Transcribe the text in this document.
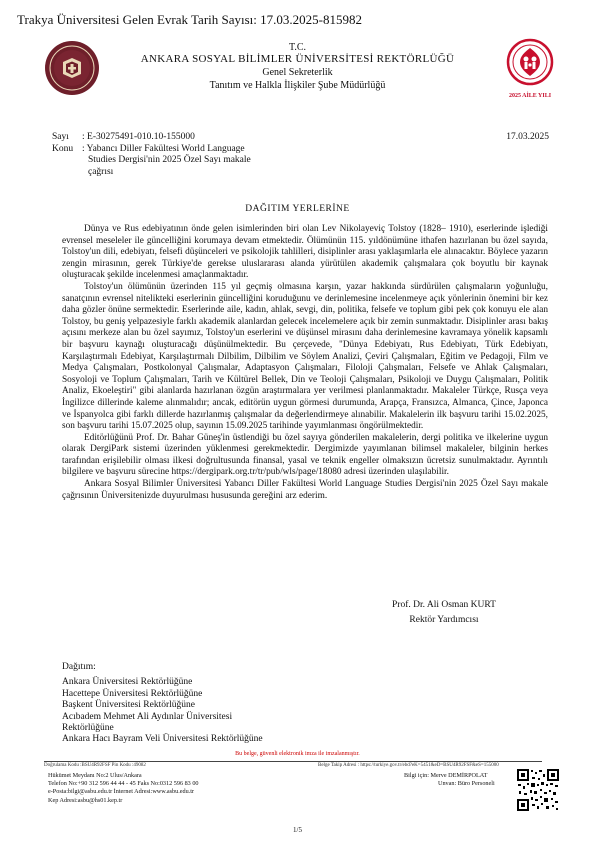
Trakya Üniversitesi Gelen Evrak Tarih Sayısı: 17.03.2025-815982
2025 AİLE YILI
T.C.
ANKARA SOSYAL BİLİMLER ÜNİVERSİTESİ REKTÖRLÜĞÜ
Genel Sekreterlik
Tanıtım ve Halkla İlişkiler Şube Müdürlüğü
Sayı : E-30275491-010.10-155000
Konu : Yabancı Diller Fakültesi World Language
Studies Dergisi'nin 2025 Özel Sayı makale
çağrısı
17.03.2025
DAĞITIM YERLERİNE

Dünya ve Rus edebiyatının önde gelen isimlerinden biri olan Lev Nikolayeviç Tolstoy (1828– 1910), eserlerinde işlediği evrensel meseleler ile güncelliğini korumaya devam etmektedir. Ölümünün 115. yıldönümüne ithafen hazırlanan bu özel sayıda, Tolstoy'un dili, edebiyatı, felsefi düşünceleri ve psikolojik tahlilleri, disiplinler arası yaklaşımlarla ele alınacaktır. Böylece yazarın zengin mirasının, gerek Türkiye'de gerekse uluslararası alanda yürütülen akademik çalışmalara çok boyutlu bir kaynak oluşturacak şekilde incelenmesi amaçlanmaktadır.

Tolstoy'un ölümünün üzerinden 115 yıl geçmiş olmasına karşın, yazar hakkında sürdürülen çalışmaların yoğunluğu, sanatçının evrensel nitelikteki eserlerinin güncelliğini koruduğunu ve derinlemesine incelenmeye açık yönlerinin önemini bir kez daha gözler önüne sermektedir. Eserlerinde aile, kadın, ahlak, sevgi, din, politika, felsefe ve toplum gibi pek çok konuyu ele alan Tolstoy, bu geniş yelpazesiyle farklı akademik alanlardan gelecek incelemelere açık bir zemin sunmaktadır. Disiplinler arası bakış açısını merkeze alan bu özel sayımız, Tolstoy'un eserlerini ve düşünsel mirasını daha derinlemesine kavramaya yönelik kapsamlı bir başvuru kaynağı oluşturacağı düşünülmektedir. Bu çerçevede, "Dünya Edebiyatı, Rus Edebiyatı, Türk Edebiyatı, Karşılaştırmalı Edebiyat, Karşılaştırmalı Dilbilim, Dilbilim ve Söylem Analizi, Çeviri Çalışmaları, Eğitim ve Pedagoji, Film ve Medya Çalışmaları, Postkolonyal Çalışmalar, Adaptasyon Çalışmaları, Filoloji Çalışmaları, Felsefe ve Ahlak Çalışmaları, Sosyoloji ve Toplum Çalışmaları, Tarih ve Kültürel Bellek, Din ve Teoloji Çalışmaları, Psikoloji ve Duygu Çalışmaları, Politik Analiz, Ekoeleştiri" gibi alanlarda hazırlanan özgün araştırmalara yer verilmesi planlanmaktadır. Makaleler Türkçe, Rusça veya İngilizce dillerinde kaleme alınmalıdır; ancak, editörün uygun görmesi durumunda, Arapça, Fransızca, Almanca, Çince, Japonca ve İspanyolca gibi farklı dillerde hazırlanmış çalışmalar da değerlendirmeye alınabilir. Makalelerin ilk başvuru tarihi 15.02.2025, son başvuru tarihi 15.07.2025 olup, sayının 15.09.2025 tarihinde yayımlanması öngörülmektedir.

Editörlüğünü Prof. Dr. Bahar Güneş'in üstlendiği bu özel sayıya gönderilen makalelerin, dergi politika ve ilkelerine uygun olarak DergiPark sistemi üzerinden yüklenmesi gerekmektedir. Dergimizde yayımlanan bilimsel makaleler, bilginin herkes tarafından erişilebilir olması ilkesi doğrultusunda finansal, yasal ve teknik engeller olmaksızın ücretsiz sunulmaktadır. Ayrıntılı bilgilere ve başvuru sürecine https://dergipark.org.tr/tr/pub/wls/page/18080 adresi üzerinden ulaşılabilir.

Ankara Sosyal Bilimler Üniversitesi Yabancı Diller Fakültesi World Language Studies Dergisi'nin 2025 Özel Sayı makale çağrısının Üniversitenizde duyurulması hususunda gereğini arz ederim.

Prof. Dr. Ali Osman KURT
Rektör Yardımcısı
Dağıtım:
Ankara Üniversitesi Rektörlüğüne
Hacettepe Üniversitesi Rektörlüğüne
Başkent Üniversitesi Rektörlüğüne
Acıbadem Mehmet Ali Aydınlar Üniversitesi
Rektörlüğüne
Ankara Hacı Bayram Veli Üniversitesi Rektörlüğüne
Bu belge, güvenli elektronik imza ile imzalanmıştır.
Doğrulama Kodu :BSU4R92FSF Pin Kodu :49082	Belge Takip Adresi : https://turkiye.gov.tr/ebd?eK=5451&eD=BSU4R92FSF&eS=155000
Hükümet Meydanı No:2 Ulus/Ankara
Telefon No:+90 312 596 44 44 - 45 Faks No:0312 596 83 00
e-Posta:bilgi@asbu.edu.tr İnternet Adresi:www.asbu.edu.tr
Kep Adresi:asbu@hs01.kep.tr
Bilgi için: Merve DEMİRPOLAT
Unvan: Büro Personeli
1/5
